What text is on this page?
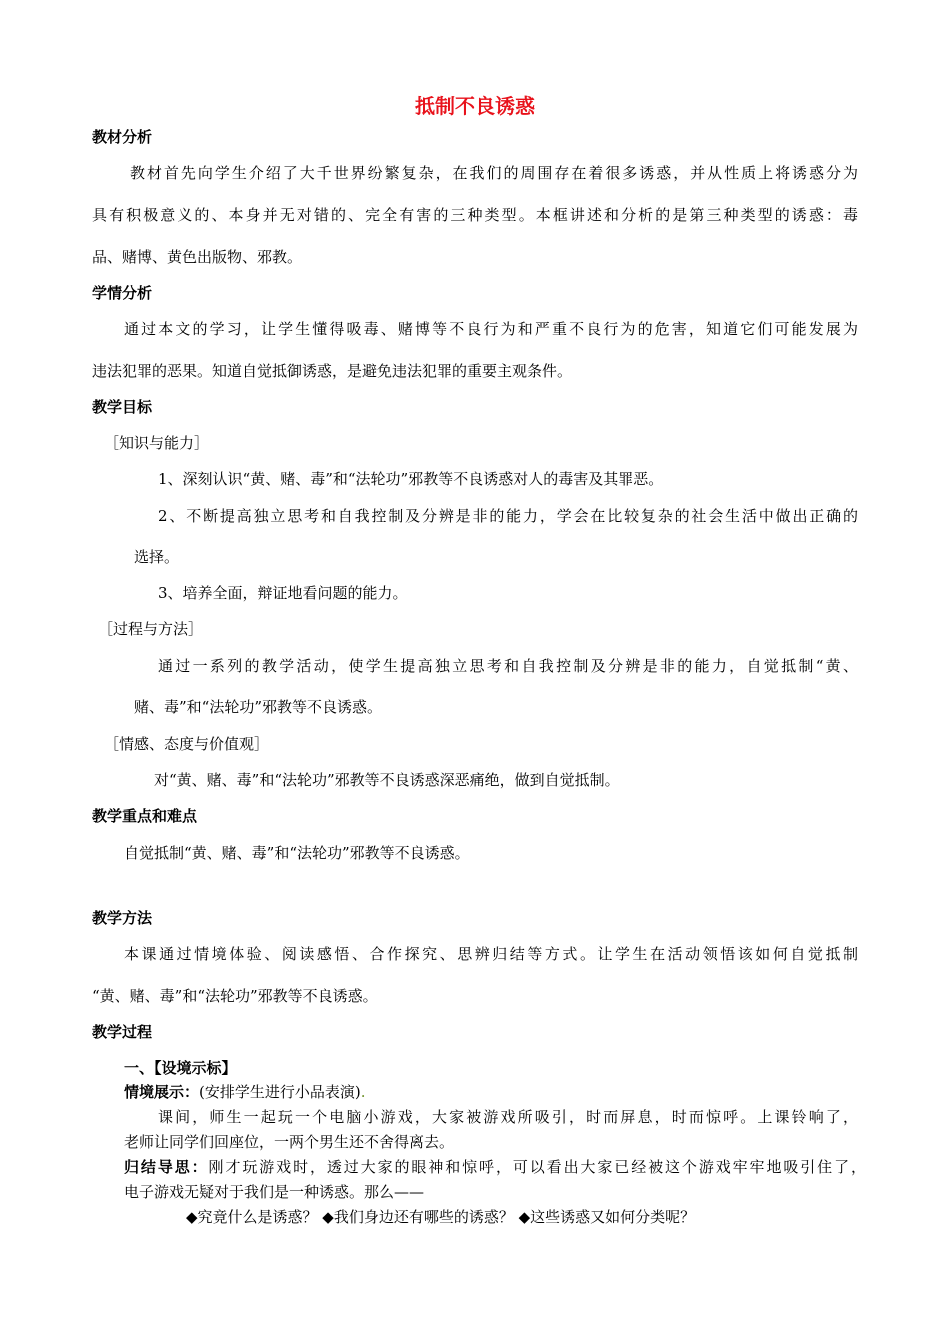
抵制不良诱惑
教材分析
教材首先向学生介绍了大千世界纷繁复杂，在我们的周围存在着很多诱惑，并从性质上将诱惑分为
具有积极意义的、本身并无对错的、完全有害的三种类型。本框讲述和分析的是第三种类型的诱惑：毒
品、赌博、黄色出版物、邪教。
学情分析
通过本文的学习，让学生懂得吸毒、赌博等不良行为和严重不良行为的危害，知道它们可能发展为
违法犯罪的恶果。知道自觉抵御诱惑，是避免违法犯罪的重要主观条件。
教学目标
［知识与能力］
1、深刻认识“黄、赌、毒”和“法轮功”邪教等不良诱惑对人的毒害及其罪恶。
2、不断提高独立思考和自我控制及分辨是非的能力，学会在比较复杂的社会生活中做出正确的
选择。
3、培养全面，辩证地看问题的能力。
［过程与方法］
通过一系列的教学活动，使学生提高独立思考和自我控制及分辨是非的能力，自觉抵制“黄、
赌、毒”和“法轮功”邪教等不良诱惑。
［情感、态度与价值观］
对“黄、赌、毒”和“法轮功”邪教等不良诱惑深恶痛绝，做到自觉抵制。
教学重点和难点
自觉抵制“黄、赌、毒”和“法轮功”邪教等不良诱惑。
教学方法
本课通过情境体验、阅读感悟、合作探究、思辨归结等方式。让学生在活动领悟该如何自觉抵制
“黄、赌、毒”和“法轮功”邪教等不良诱惑。
教学过程
一、【设境示标】
情境展示：(安排学生进行小品表演).
课间，师生一起玩一个电脑小游戏，大家被游戏所吸引，时而屏息，时而惊呼。上课铃响了，
老师让同学们回座位，一两个男生还不舍得离去。
归结导思：刚才玩游戏时，透过大家的眼神和惊呼，可以看出大家已经被这个游戏牢牢地吸引住了，
电子游戏无疑对于我们是一种诱惑。那么——
◆究竟什么是诱惑？ ◆我们身边还有哪些的诱惑？ ◆这些诱惑又如何分类呢？
